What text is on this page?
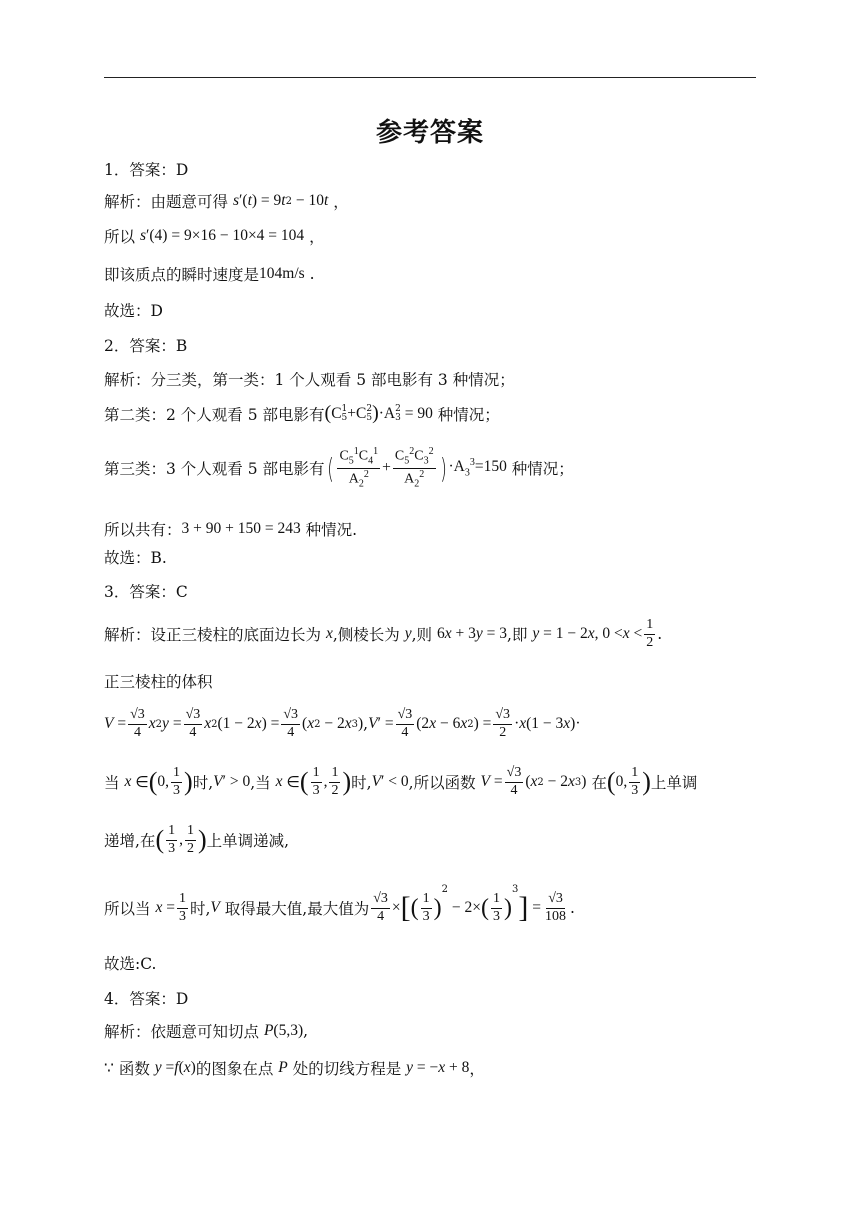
参考答案
1．答案：D
解析：由题意可得
s ′( t ) = 9 t 2 − 10 t
，
所以
s ′(4) = 9×16 − 10×4 = 104
，
即该质点的瞬时速度是 104m/s
.
故选：D
2．答案：B
解析：分三类，第一类：1 个人观看 5 部电影有 3 种情况；
第二类：2 个人观看 5 部电影有 ( C 1
5 +C 2
5 ) ·A 2
3 = 90 种情况；
第三类：3 个人观看 5 部电影有 ( $\frac{C_5^1C_4^1}{A_2^2} + \frac{C_5^2C_3^2}{A_2^2}$ ) $\cdot A_3^3=150$ 种情况；
所以共有： 3 + 90 + 150 = 243 种情况.
故选：B.
3．答案：C
解析：设正三棱柱的底面边长为
x ,侧棱长为
y ,则
6 x + 3 y = 3 ,即
y = 1 − 2 x , $0 < x < \frac{1}{2}$ .
正三棱柱的体积
$V = \frac{√3}{4}$ x 2 $y = \frac{√3}{4}$ x 2 (1 − 2 x ) = $\frac{√3}{4}$ ( x 2 − 2 x 3 ) , V ′ = $\frac{√3}{4} (2$ x − 6 x 2 ) = $\frac{√3}{2} \cdot x$ (1 − 3 x )·
当
x ∈ ( 0, $\frac{1}{3}$ ) 时, V ′ > 0 ,当
x ∈ ( $\frac{1}{3}$ , $\frac{1}{2}$ ) 时, V ′ < 0 ,所以函数
$V = \frac{√3}{4}$ ( x 2 − 2 x 3 )
在 ( 0, $\frac{1}{3}$ ) 上单调
递增,在 ( $\frac{1}{3}$ , $\frac{1}{2}$ ) 上单调递减,
所以当
$x = \frac{1}{3}$ 时, V 取得最大值,最大值为 $\frac{√3}{4}$ × [ ( $\frac{1}{3}$ )
$^2$
− 2× ( $\frac{1}{3}$ )
$^3$
] = $\frac{√3}{108}$ .
故选:C.
4．答案：D
解析：依题意可知切点
P (5,3) ,
∵
函数
y = f ( x ) 的图象在点
P
处的切线方程是
y = − x + 8 ，
